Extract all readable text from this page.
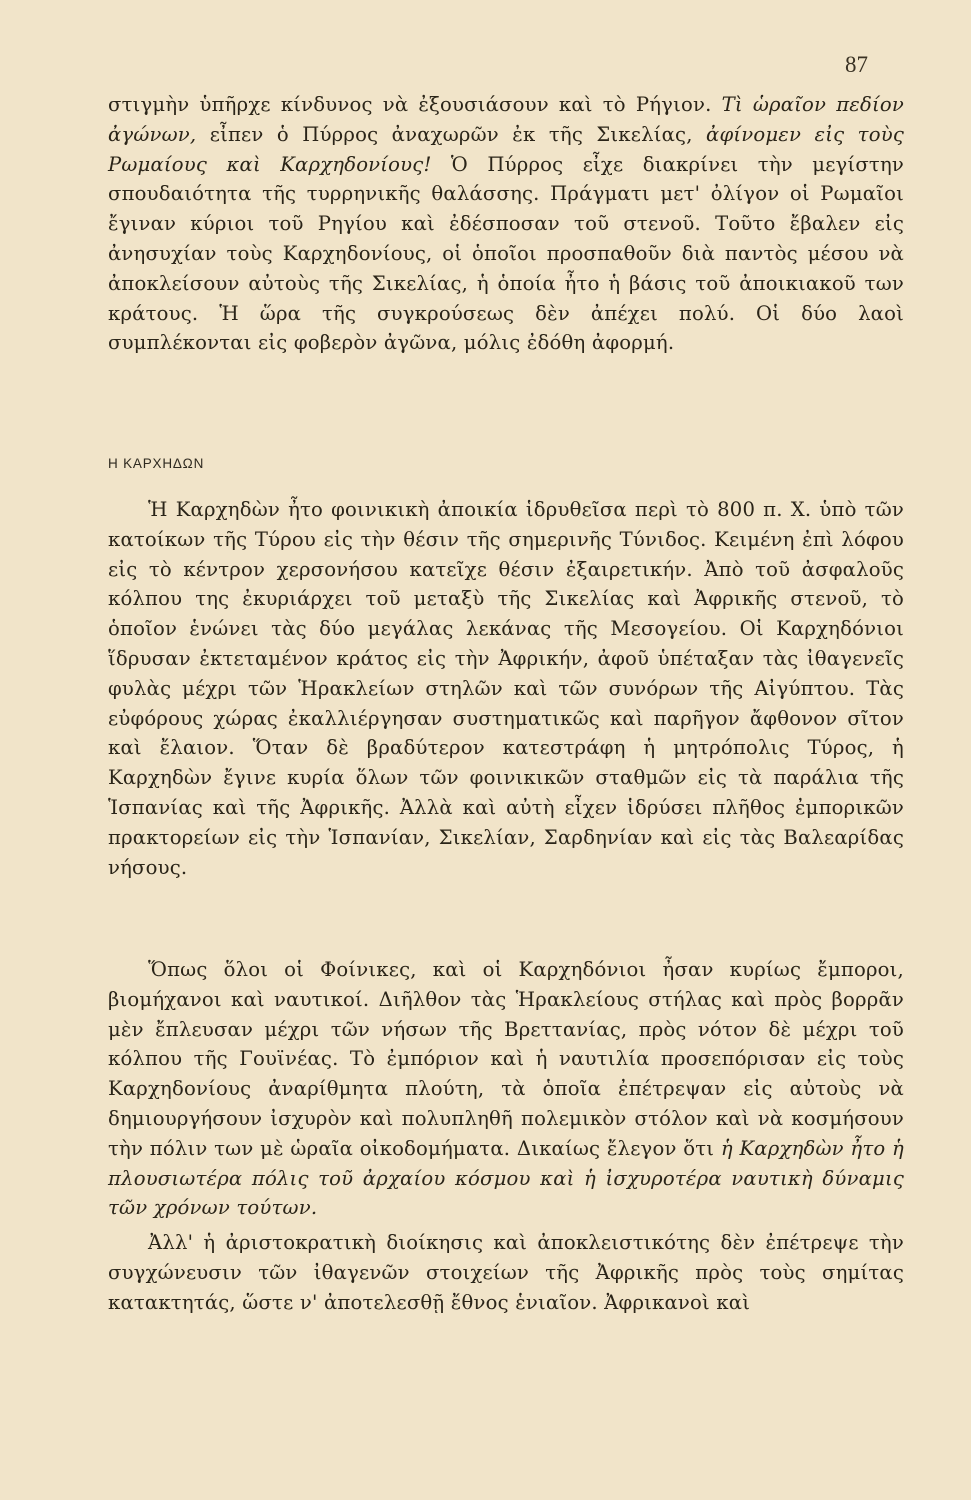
87

στιγμὴν ὑπῆρχε κίνδυνος νὰ ἐξουσιάσουν καὶ τὸ Ρήγιον. Τὶ ὡραῖον πεδίον ἀγώνων, εἶπεν ὁ Πύρρος ἀναχωρῶν ἐκ τῆς Σικελίας, ἀφίνομεν εἰς τοὺς Ρωμαίους καὶ Καρχηδονίους! Ὁ Πύρρος εἶχε διακρίνει τὴν μεγίστην σπουδαιότητα τῆς τυρρηνικῆς θαλάσσης. Πράγματι μετ' ὀλίγον οἱ Ρωμαῖοι ἔγιναν κύριοι τοῦ Ρηγίου καὶ ἐδέσποσαν τοῦ στενοῦ. Τοῦτο ἔβαλεν εἰς ἀνησυχίαν τοὺς Καρχηδονίους, οἱ ὁποῖοι προσπαθοῦν διὰ παντὸς μέσου νὰ ἀποκλείσουν αὐτοὺς τῆς Σικελίας, ἡ ὁποία ἦτο ἡ βάσις τοῦ ἀποικιακοῦ των κράτους. Ἡ ὥρα τῆς συγκρούσεως δὲν ἀπέχει πολύ. Οἱ δύο λαοὶ συμπλέκονται εἰς φοβερὸν ἀγῶνα, μόλις ἐδόθη ἀφορμή.

Η ΚΑΡΧΗΔΩΝ

Ἡ Καρχηδὼν ἦτο φοινικικὴ ἀποικία ἱδρυθεῖσα περὶ τὸ 800 π. Χ. ὑπὸ τῶν κατοίκων τῆς Τύρου εἰς τὴν θέσιν τῆς σημερινῆς Τύνιδος. Κειμένη ἐπὶ λόφου εἰς τὸ κέντρον χερσονήσου κατεῖχε θέσιν ἐξαιρετικήν. Ἀπὸ τοῦ ἀσφαλοῦς κόλπου της ἐκυριάρχει τοῦ μεταξὺ τῆς Σικελίας καὶ Ἀφρικῆς στενοῦ, τὸ ὁποῖον ἑνώνει τὰς δύο μεγάλας λεκάνας τῆς Μεσογείου. Οἱ Καρχηδόνιοι ἵδρυσαν ἐκτεταμένον κράτος εἰς τὴν Ἀφρικήν, ἀφοῦ ὑπέταξαν τὰς ἰθαγενεῖς φυλὰς μέχρι τῶν Ἡρακλείων στηλῶν καὶ τῶν συνόρων τῆς Αἰγύπτου. Τὰς εὐφόρους χώρας ἐκαλλιέργησαν συστηματικῶς καὶ παρῆγον ἄφθονον σῖτον καὶ ἔλαιον. Ὅταν δὲ βραδύτερον κατεστράφη ἡ μητρόπολις Τύρος, ἡ Καρχηδὼν ἔγινε κυρία ὅλων τῶν φοινικικῶν σταθμῶν εἰς τὰ παράλια τῆς Ἱσπανίας καὶ τῆς Ἀφρικῆς. Ἀλλὰ καὶ αὐτὴ εἶχεν ἱδρύσει πλῆθος ἐμπορικῶν πρακτορείων εἰς τὴν Ἱσπανίαν, Σικελίαν, Σαρδηνίαν καὶ εἰς τὰς Βαλεαρίδας νήσους.

Ὅπως ὅλοι οἱ Φοίνικες, καὶ οἱ Καρχηδόνιοι ἦσαν κυρίως ἔμποροι, βιομήχανοι καὶ ναυτικοί. Διῆλθον τὰς Ἡρακλείους στήλας καὶ πρὸς βορρᾶν μὲν ἔπλευσαν μέχρι τῶν νήσων τῆς Βρεττανίας, πρὸς νότον δὲ μέχρι τοῦ κόλπου τῆς Γουϊνέας. Τὸ ἐμπόριον καὶ ἡ ναυτιλία προσεπόρισαν εἰς τοὺς Καρχηδονίους ἀναρίθμητα πλούτη, τὰ ὁποῖα ἐπέτρεψαν εἰς αὐτοὺς νὰ δημιουργήσουν ἰσχυρὸν καὶ πολυπληθῆ πολεμικὸν στόλον καὶ νὰ κοσμήσουν τὴν πόλιν των μὲ ὡραῖα οἰκοδομήματα. Δικαίως ἔλεγον ὅτι ἡ Καρχηδὼν ἦτο ἡ πλουσιωτέρα πόλις τοῦ ἀρχαίου κόσμου καὶ ἡ ἰσχυροτέρα ναυτικὴ δύναμις τῶν χρόνων τούτων.

Ἀλλ' ἡ ἀριστοκρατικὴ διοίκησις καὶ ἀποκλειστικότης δὲν ἐπέτρεψε τὴν συγχώνευσιν τῶν ἰθαγενῶν στοιχείων τῆς Ἀφρικῆς πρὸς τοὺς σημίτας κατακτητάς, ὥστε ν' ἀποτελεσθῇ ἔθνος ἑνιαῖον. Ἀφρικανοὶ καὶ
